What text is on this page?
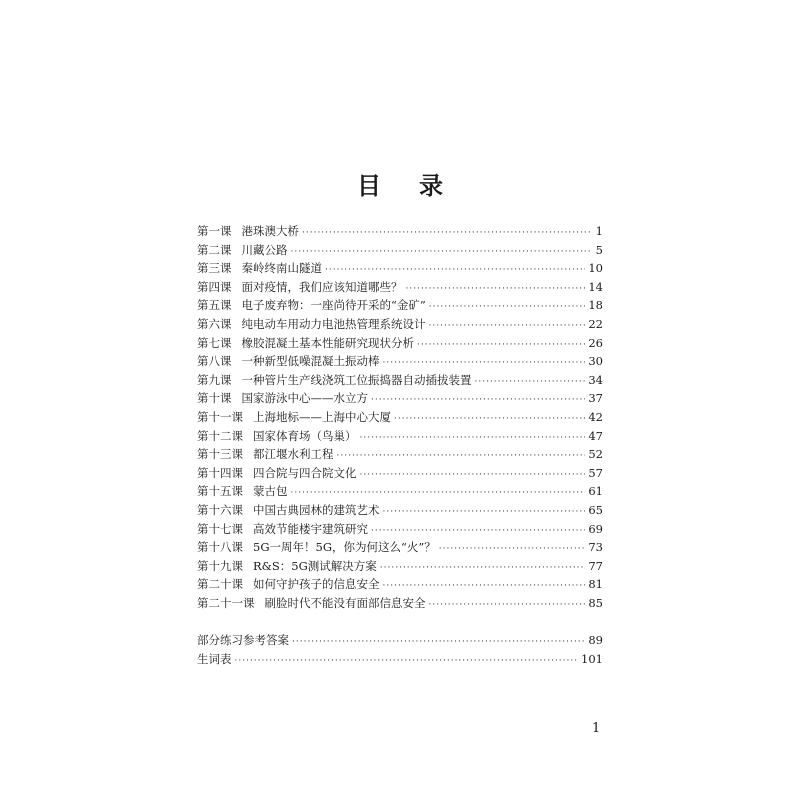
目 录
第一课 港珠澳大桥 ·····	1
第二课 川藏公路 ·····	5
第三课 秦岭终南山隧道 ·····	10
第四课 面对疫情，我们应该知道哪些？ ·····	14
第五课 电子废弃物：一座尚待开采的“金矿” ·····	18
第六课 纯电动车用动力电池热管理系统设计 ·····	22
第七课 橡胶混凝土基本性能研究现状分析 ·····	26
第八课 一种新型低噪混凝土振动棒 ·····	30
第九课 一种管片生产线浇筑工位振捣器自动插拔装置 ·····	34
第十课 国家游泳中心——水立方 ·····	37
第十一课 上海地标——上海中心大厦 ·····	42
第十二课 国家体育场（鸟巢） ·····	47
第十三课 都江堰水利工程 ·····	52
第十四课 四合院与四合院文化 ·····	57
第十五课 蒙古包 ·····	61
第十六课 中国古典园林的建筑艺术 ·····	65
第十七课 高效节能楼宇建筑研究 ·····	69
第十八课 5G一周年！5G，你为何这么“火”？ ·····	73
第十九课 R&S：5G测试解决方案 ·····	77
第二十课 如何守护孩子的信息安全 ·····	81
第二十一课 刷脸时代不能没有面部信息安全 ·····	85
部分练习参考答案 ·····	89
生词表 ·····	101
1
